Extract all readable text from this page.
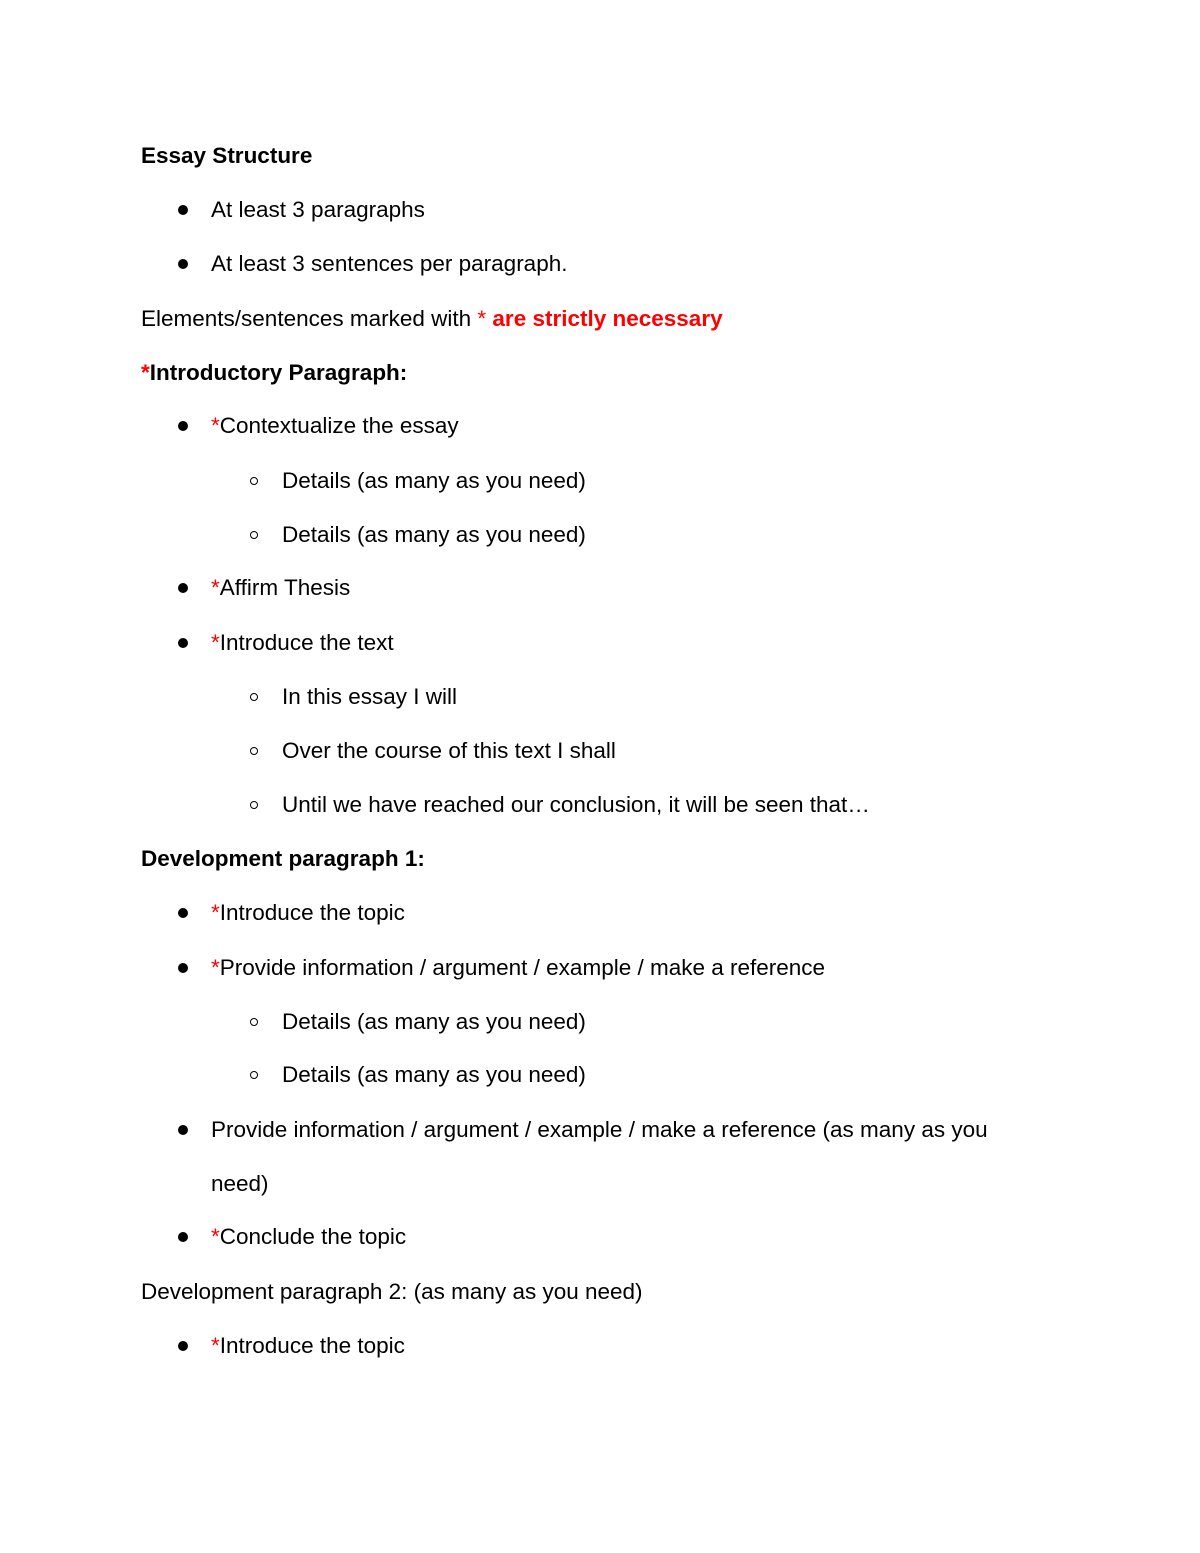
Essay Structure
At least 3 paragraphs
At least 3 sentences per paragraph.
Elements/sentences marked with * are strictly necessary
*Introductory Paragraph:
*Contextualize the essay
Details (as many as you need)
Details (as many as you need)
*Affirm Thesis
*Introduce the text
In this essay I will
Over the course of this text I shall
Until we have reached our conclusion, it will be seen that…
Development paragraph 1:
*Introduce the topic
*Provide information / argument / example / make a reference
Details (as many as you need)
Details (as many as you need)
Provide information / argument / example / make a reference (as many as you
need)
*Conclude the topic
Development paragraph 2: (as many as you need)
*Introduce the topic
